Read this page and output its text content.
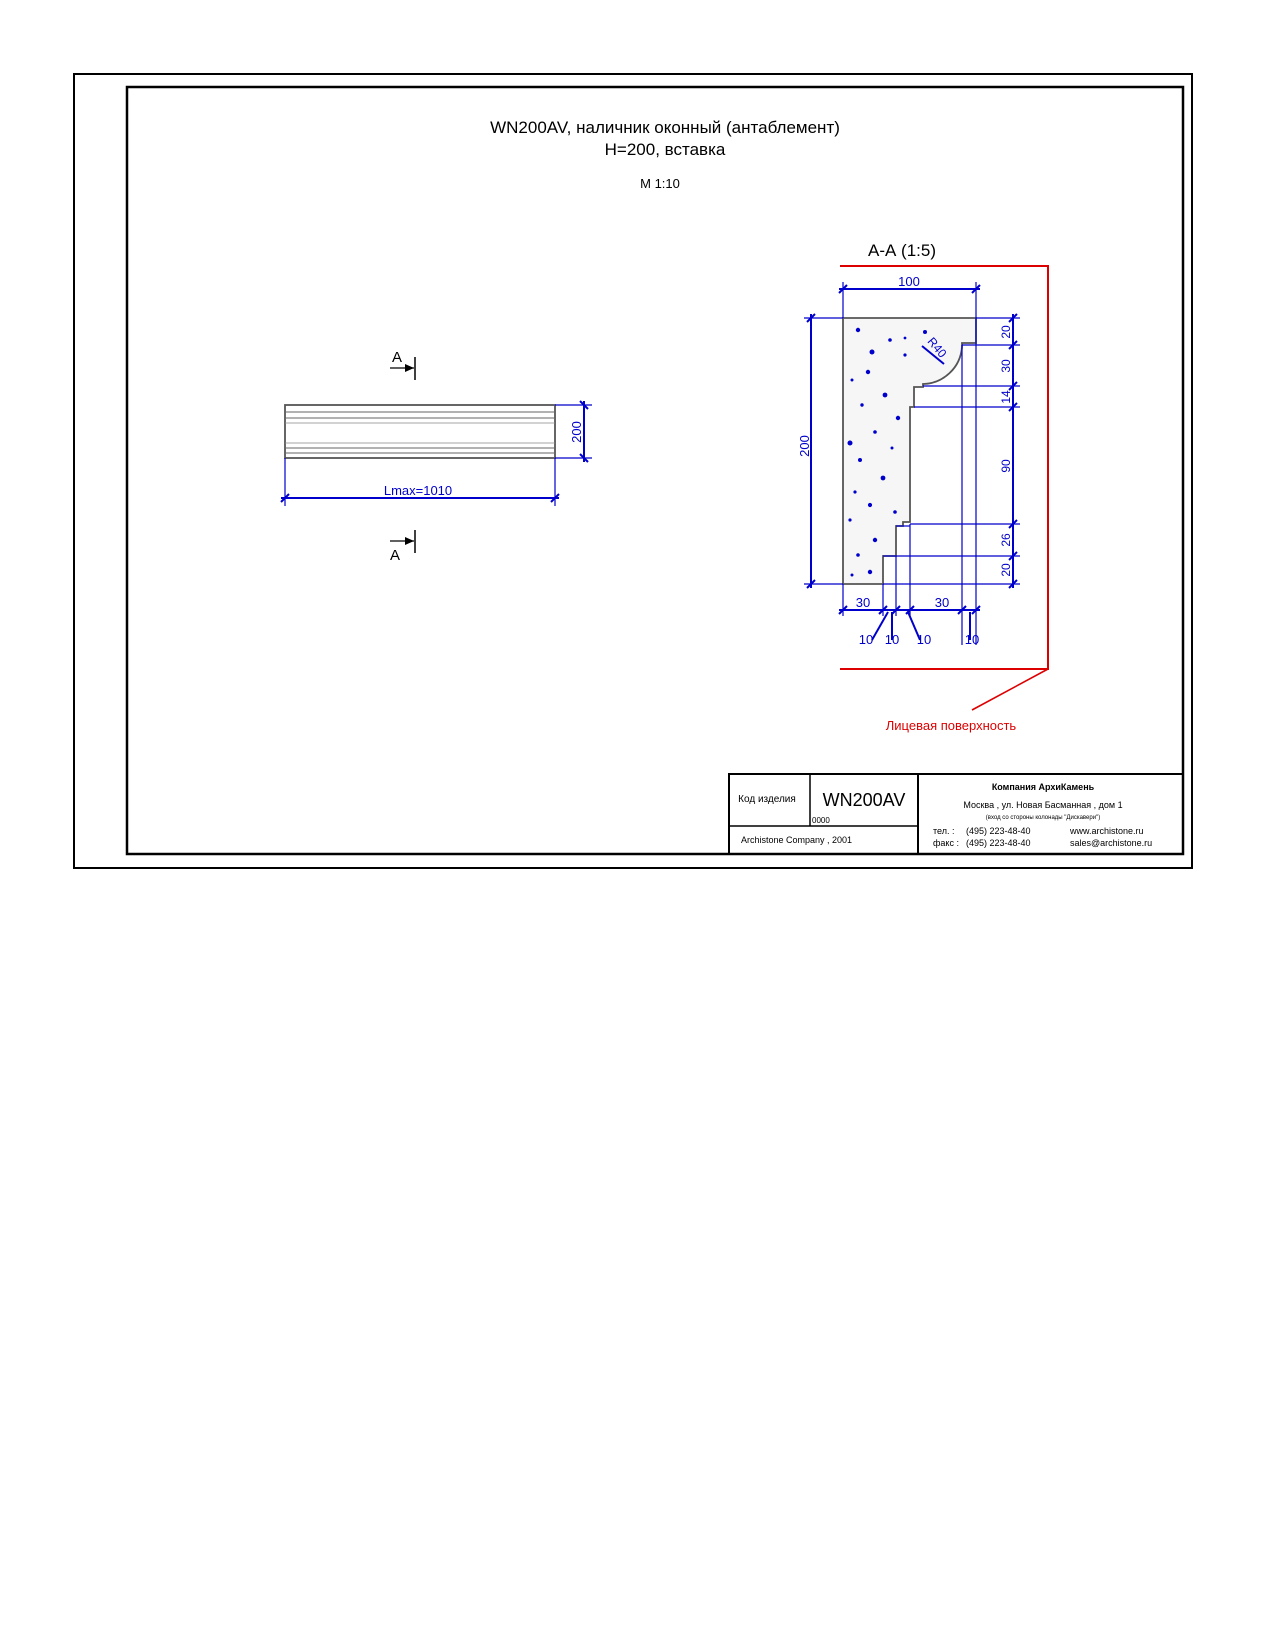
WN200AV, наличник оконный (антаблемент)
H=200, вставка
М 1:10
200
Lmax=1010
А
А
А-А (1:5)
Лицевая поверхность
100
200
20
30
14
90
26
20
R40
30	30
10 10 10	10
Код изделия WN200AV
0000
Archistone Company , 2001
Компания АрхиКамень
Москва , ул. Новая Басманная , дом 1
(вход со стороны колонады "Дискавери")
тел. : (495) 223-48-40
факс : (495) 223-48-40
www.archistone.ru
sales@archistone.ru
